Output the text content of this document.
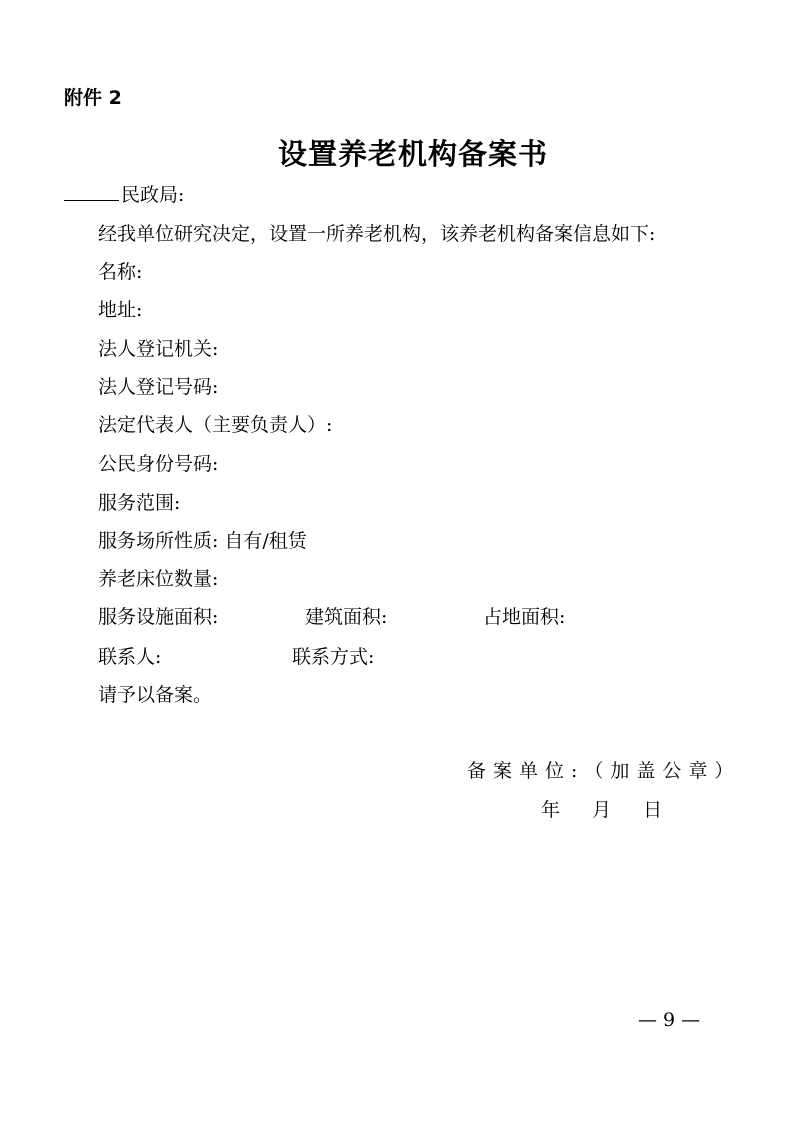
附件 2
设置养老机构备案书
民政局:
经我单位研究决定，设置一所养老机构，该养老机构备案信息如下:
名称:
地址:
法人登记机关:
法人登记号码:
法定代表人（主要负责人）:
公民身份号码:
服务范围:
服务场所性质: 自有/租赁
养老床位数量:
服务设施面积:	建筑面积:	占地面积:
联系人:	联系方式:
请予以备案。
备案单位:（加盖公章）
年  月  日
— 9 —
